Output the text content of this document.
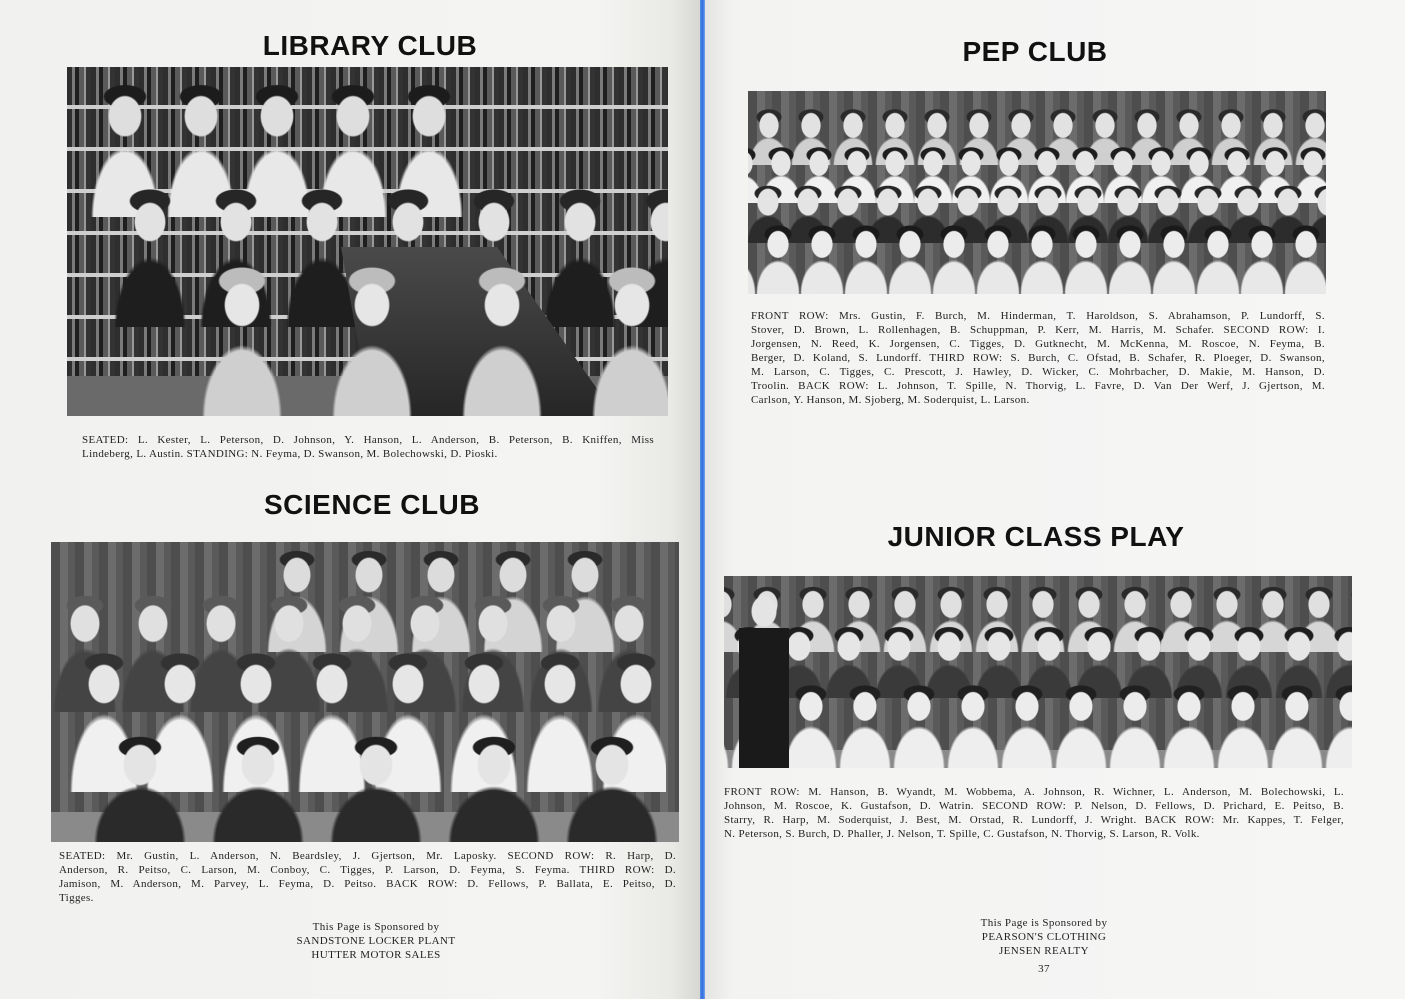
LIBRARY CLUB
SEATED: L. Kester, L. Peterson, D. Johnson, Y. Hanson, L. Anderson, B. Peterson, B. Kniffen, Miss
Lindeberg, L. Austin. STANDING: N. Feyma, D. Swanson, M. Bolechowski, D. Pioski.
SCIENCE CLUB
SEATED: Mr. Gustin, L. Anderson, N. Beardsley, J. Gjertson, Mr. Laposky. SECOND ROW: R. Harp, D.
Anderson, R. Peitso, C. Larson, M. Conboy, C. Tigges, P. Larson, D. Feyma, S. Feyma. THIRD ROW: D.
Jamison, M. Anderson, M. Parvey, L. Feyma, D. Peitso. BACK ROW: D. Fellows, P. Ballata, E. Peitso, D.
Tigges.
This Page is Sponsored by
SANDSTONE LOCKER PLANT
HUTTER MOTOR SALES
PEP CLUB
FRONT ROW: Mrs. Gustin, F. Burch, M. Hinderman, T. Haroldson, S. Abrahamson, P. Lundorff, S.
Stover, D. Brown, L. Rollenhagen, B. Schuppman, P. Kerr, M. Harris, M. Schafer. SECOND ROW: I.
Jorgensen, N. Reed, K. Jorgensen, C. Tigges, D. Gutknecht, M. McKenna, M. Roscoe, N. Feyma, B.
Berger, D. Koland, S. Lundorff. THIRD ROW: S. Burch, C. Ofstad, B. Schafer, R. Ploeger, D. Swanson,
M. Larson, C. Tigges, C. Prescott, J. Hawley, D. Wicker, C. Mohrbacher, D. Makie, M. Hanson, D.
Troolin. BACK ROW: L. Johnson, T. Spille, N. Thorvig, L. Favre, D. Van Der Werf, J. Gjertson, M.
Carlson, Y. Hanson, M. Sjoberg, M. Soderquist, L. Larson.
JUNIOR CLASS PLAY
FRONT ROW: M. Hanson, B. Wyandt, M. Wobbema, A. Johnson, R. Wichner, L. Anderson, M. Bolechowski, L.
Johnson, M. Roscoe, K. Gustafson, D. Watrin. SECOND ROW: P. Nelson, D. Fellows, D. Prichard, E. Peitso, B.
Starry, R. Harp, M. Soderquist, J. Best, M. Orstad, R. Lundorff, J. Wright. BACK ROW: Mr. Kappes, T. Felger,
N. Peterson, S. Burch, D. Phaller, J. Nelson, T. Spille, C. Gustafson, N. Thorvig, S. Larson, R. Volk.
This Page is Sponsored by
PEARSON'S CLOTHING
JENSEN REALTY
37
